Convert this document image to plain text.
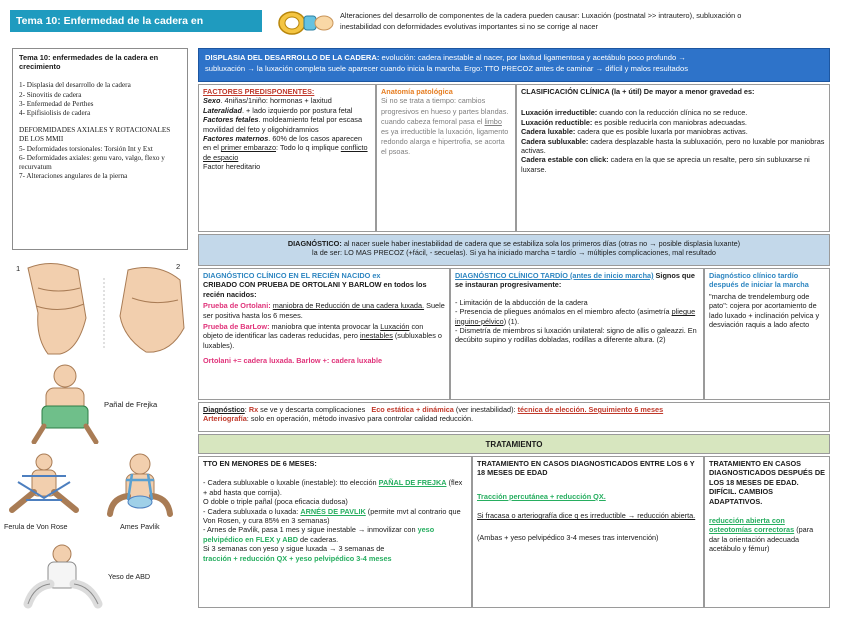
Tema 10: Enfermedad de la cadera en crecimiento
Alteraciones del desarrollo de componentes de la cadera pueden causar: Luxación (postnatal >> intrautero), subluxación o inestabilidad con deformidades evolutivas importantes si no se corrige al nacer
Tema 10: enfermedades de la cadera en crecimiento
1- Displasia del desarrollo de la cadera
2- Sinovitis de cadera
3- Enfermedad de Perthes
4- Epifisiolisis de cadera
DEFORMIDADES AXIALES Y ROTACIONALES DE LOS MMII
5- Deformidades torsionales: Torsión Int y Ext
6- Deformidades axiales: genu varo, valgo, flexo y recurvatum
7- Alteraciones angulares de la pierna
1	2
Pañal de Frejka
Ferula de Von Rose	Ames Pavlik
Yeso de ABD
DISPLASIA DEL DESARROLLO DE LA CADERA: evolución: cadera inestable al nacer, por laxitud ligamentosa y acetábulo poco profundo →
subluxación → la luxación completa suele aparecer cuando inicia la marcha. Ergo: TTO PRECOZ antes de caminar → difícil y malos resultados
FACTORES PREDISPONENTES:
Sexo. 4niñas/1niño: hormonas + laxitud
Lateralidad. + lado izquierdo por postura fetal
Factores fetales. moldeamiento fetal por escasa movilidad del feto y oligohidramnios
Factores maternos. 60% de los casos aparecen en el primer embarazo: Todo lo q implique conflicto de espacio
Factor hereditario
Anatomía patológica
Si no se trata a tiempo: cambios progresivos en hueso y partes blandas. cuando cabeza femoral pasa el limbo es ya irreductible la luxación, ligamento redondo alarga e hipertrofia, se acorta el psoas.
CLASIFICACIÓN CLÍNICA (la + útil) De mayor a menor gravedad es:
Luxación irreductible: cuando con la reducción clínica no se reduce.
Luxación reductible: es posible reducirla con maniobras adecuadas.
Cadera luxable: cadera que es posible luxarla por maniobras activas.
Cadera subluxable: cadera desplazable hasta la subluxación, pero no luxable por maniobras activas.
Cadera estable con click: cadera en la que se aprecia un resalte, pero sin subluxarse ni luxarse.
DIAGNÓSTICO: al nacer suele haber inestabilidad de cadera que se estabiliza sola los primeros días (otras no → posible displasia luxante)
la de ser: LO MAS PRECOZ (+fácil, - secuelas). Si ya ha iniciado marcha = tardío → múltiples complicaciones, mal resultado
DIAGNÓSTICO CLÍNICO EN EL RECIÉN NACIDO ex
CRIBADO CON PRUEBA DE ORTOLANI Y BARLOW en todos los recién nacidos:
Prueba de Ortolani: maniobra de Reducción de una cadera luxada. Suele ser positiva hasta los 6 meses.
Prueba de BarLow: maniobra que intenta provocar la Luxación con objeto de identificar las caderas reducidas, pero inestables (subluxables o luxables).
Ortolani += cadera luxada. Barlow +: cadera luxable
DIAGNÓSTICO CLÍNICO TARDÍO (antes de inicio marcha) Signos que se instauran progresivamente:
- Limitación de la abducción de la cadera
- Presencia de pliegues anómalos en el miembro afecto (asimetría pliegue inguino-pélvico) (1).
- Dismetría de miembros si luxación unilateral: signo de allis o galeazzi. En decúbito supino y rodillas dobladas, rodillas a diferente altura. (2)
Diagnóstico clínico tardío después de iniciar la marcha
"marcha de trendelemburg ode pato": cojera por acortamiento de lado luxado + inclinación pelvica y desviación raquis a lado afecto
Diagnóstico: Rx se ve y descarta complicaciones Eco estática + dinámica (ver inestabilidad): técnica de elección. Seguimiento 6 meses
Arteriografía: solo en operación, método invasivo para controlar calidad reducción.
TRATAMIENTO
TTO EN MENORES DE 6 MESES:
- Cadera subluxable o luxable (inestable): tto elección PAÑAL DE FREJKA (flex + abd hasta que corrija).
O doble o triple pañal (poca eficacia dudosa)
- Cadera subluxada o luxada: ARNÉS DE PAVLIK (permite mvt al contrario que Von Rosen, y cura 85% en 3 semanas)
- Arnes de Pavlik, pasa 1 mes y sigue inestable → inmovilizar con yeso pelvipédico en FLEX y ABD de caderas.
Si 3 semanas con yeso y sigue luxada → 3 semanas de
tracción + reducción QX + yeso pelvipédico 3-4 meses
TRATAMIENTO EN CASOS DIAGNOSTICADOS ENTRE LOS 6 Y 18 MESES DE EDAD
Tracción percutánea + reducción QX.
Si fracasa o arteriografía dice q es irreductible → reducción abierta.
(Ambas + yeso pelvipédico 3-4 meses tras intervención)
TRATAMIENTO EN CASOS DIAGNOSTICADOS DESPUÉS DE LOS 18 MESES DE EDAD. DIFÍCIL. CAMBIOS ADAPTATIVOS.
reducción abierta con osteotomías correctoras (para dar la orientación adecuada acetábulo y fémur)
